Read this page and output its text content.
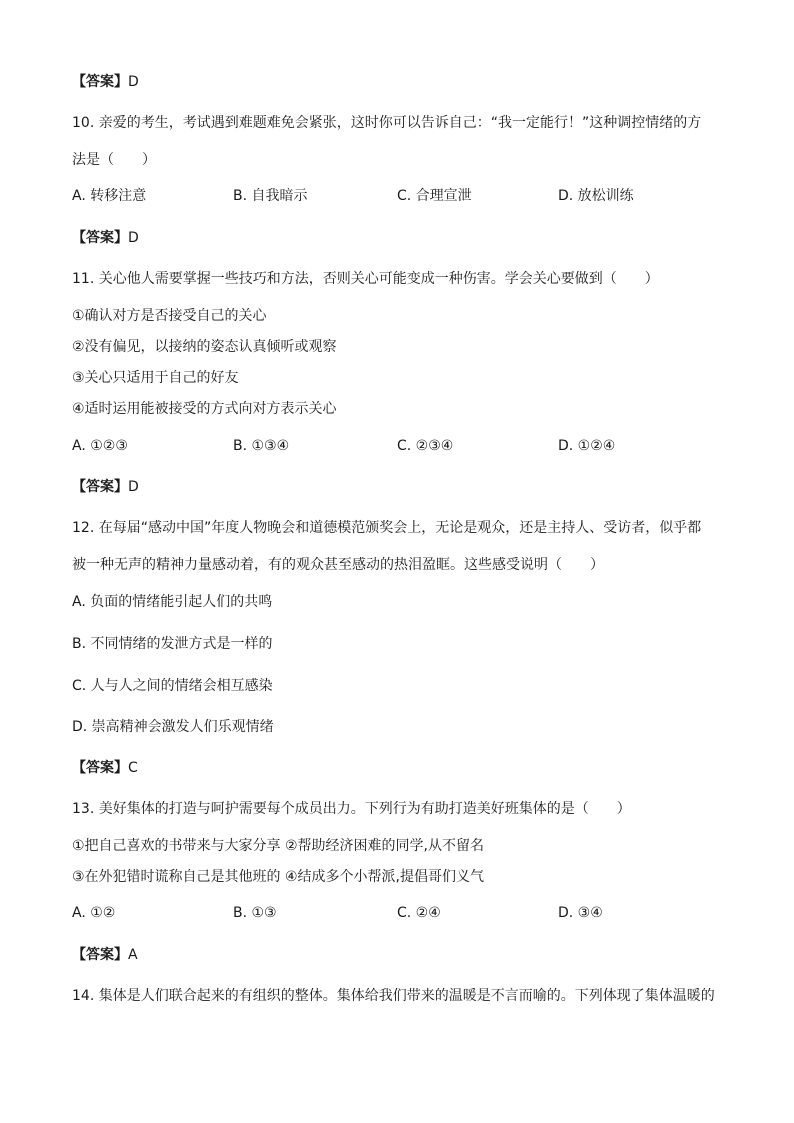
【答案】D
10. 亲爱的考生，考试遇到难题难免会紧张，这时你可以告诉自己：“我一定能行！”这种调控情绪的方
法是（　　）
A. 转移注意	B. 自我暗示	C. 合理宣泄	D. 放松训练
【答案】D
11. 关心他人需要掌握一些技巧和方法，否则关心可能变成一种伤害。学会关心要做到（　　）
①确认对方是否接受自己的关心
②没有偏见，以接纳的姿态认真倾听或观察
③关心只适用于自己的好友
④适时运用能被接受的方式向对方表示关心
A. ①②③	B. ①③④	C. ②③④	D. ①②④
【答案】D
12. 在每届“感动中国”年度人物晚会和道德模范颁奖会上，无论是观众，还是主持人、受访者，似乎都
被一种无声的精神力量感动着，有的观众甚至感动的热泪盈眶。这些感受说明（　　）
A. 负面的情绪能引起人们的共鸣
B. 不同情绪的发泄方式是一样的
C. 人与人之间的情绪会相互感染
D. 崇高精神会激发人们乐观情绪
【答案】C
13. 美好集体的打造与呵护需要每个成员出力。下列行为有助打造美好班集体的是（　　）
①把自己喜欢的书带来与大家分享 ②帮助经济困难的同学,从不留名
③在外犯错时谎称自己是其他班的 ④结成多个小帮派,提倡哥们义气
A. ①②	B. ①③	C. ②④	D. ③④
【答案】A
14. 集体是人们联合起来的有组织的整体。集体给我们带来的温暖是不言而喻的。下列体现了集体温暖的
